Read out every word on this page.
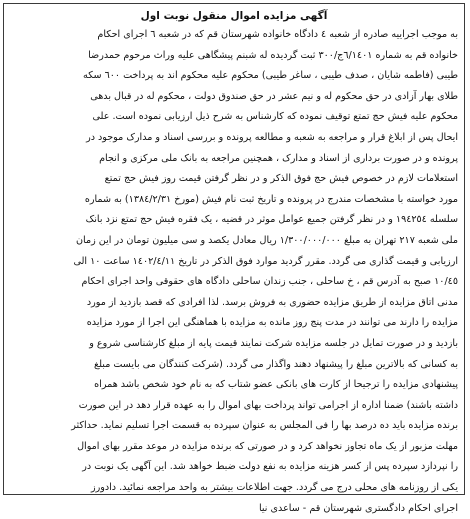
آگهی مزایده اموال منقول نوبت اول
به موجب اجراییه صادره از شعبه ٤ دادگاه خانواده شهرستان قم که در شعبه ٦ اجرای احکام
خانواده قم به شماره ٦/١٤٠١ج/٣٠٠ ثبت گردیده له شبنم پیشگاهی علیه وراث مرحوم حمدرضا
طیبی (فاطمه شایان ، صدف طیبی ، ساغر طیبی) محکوم علیه محکوم اند به پرداخت ٦٠٠ سکه
طلای بهار آزادی در حق محکوم له و نیم عشر در حق صندوق دولت ، محکوم له در قبال بدهی
محکوم علیه فیش حج تمتع توقیف نموده که کارشناس به شرح ذیل ارزیابی نموده است. علی
ایحال پس از ابلاغ قرار و مراجعه به شعبه و مطالعه پرونده و بررسی اسناد و مدارک موجود در
پرونده و در صورت برداری از اسناد و مدارک ، همچنین مراجعه به بانک ملی مرکزی و انجام
استعلامات لازم در خصوص فیش حج فوق الذکر و در نظر گرفتن قیمت روز فیش حج تمتع
مورد خواسته با مشخصات مندرج در پرونده و تاریخ ثبت نام فیش (مورخ ١٣٨٤/٢/٣١) به شماره
سلسله ١٩٤٢٥٤ و در نظر گرفتن جمیع عوامل موثر در قضیه ، یک فقره فیش حج تمتع نزد بانک
ملی شعبه ٢١٧ تهران به مبلغ ١/٣٠٠/٠٠٠/٠٠٠ ریال معادل یکصد و سی میلیون تومان در این زمان
ارزیابی و قیمت گذاری می گردد. مقرر گردید موارد فوق الذکر در تاریخ ١٤٠٢/٤/١١ ساعت ١٠ الی
١٠/٤٥ صبح به آدرس قم ، خ ساحلی ، جنب زندان ساحلی دادگاه های حقوقی واحد اجرای احکام
مدنی اتاق مزایده از طریق مزایده حضوری به فروش برسد. لذا افرادی که قصد بازدید از مورد
مزایده را دارند می توانند در مدت پنج روز مانده به مزایده با هماهنگی این اجرا از مورد مزایده
بازدید و در صورت تمایل در جلسه مزایده شرکت نمایند قیمت پایه از مبلغ کارشناسی شروع و
به کسانی که بالاترین مبلغ را پیشنهاد دهند واگذار می گردد. (شرکت کنندگان می بایست مبلغ
پیشنهادی مزایده را ترجیحا از کارت های بانکی عضو شتاب که به نام خود شخص باشد همراه
داشته باشند) ضمنا اداره از اجرامی تواند پرداخت بهای اموال را به عهده قرار دهد در این صورت
برنده مزایده باید ده درصد بها را فی المجلس به عنوان سپرده به قسمت اجرا تسلیم نماید. حداکثر
مهلت مزبور از یک ماه تجاوز نخواهد کرد و در صورتی که برنده مزایده در موعد مقرر بهای اموال
را نپردازد سپرده پس از کسر هزینه مزایده به نفع دولت ضبط خواهد شد. این آگهی یک نوبت در
یکی از روزنامه های محلی درج می گردد. جهت اطلاعات بیشتر به واحد مراجعه نمائید. دادورز
اجرای احکام دادگستری شهرستان قم - ساعدی نیا
